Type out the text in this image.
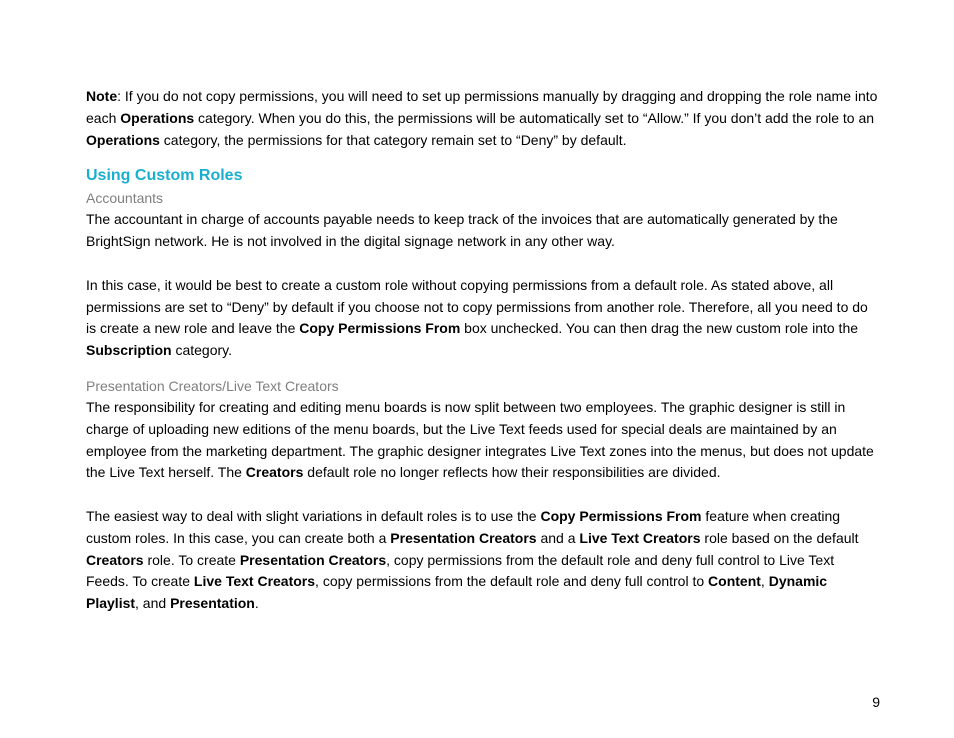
Note: If you do not copy permissions, you will need to set up permissions manually by dragging and dropping the role name into each Operations category. When you do this, the permissions will be automatically set to “Allow.” If you don’t add the role to an Operations category, the permissions for that category remain set to “Deny” by default.

Using Custom Roles
Accountants

The accountant in charge of accounts payable needs to keep track of the invoices that are automatically generated by the BrightSign network. He is not involved in the digital signage network in any other way.

In this case, it would be best to create a custom role without copying permissions from a default role. As stated above, all permissions are set to “Deny” by default if you choose not to copy permissions from another role. Therefore, all you need to do is create a new role and leave the Copy Permissions From box unchecked. You can then drag the new custom role into the Subscription category.

Presentation Creators/Live Text Creators

The responsibility for creating and editing menu boards is now split between two employees. The graphic designer is still in charge of uploading new editions of the menu boards, but the Live Text feeds used for special deals are maintained by an employee from the marketing department. The graphic designer integrates Live Text zones into the menus, but does not update the Live Text herself. The Creators default role no longer reflects how their responsibilities are divided.

The easiest way to deal with slight variations in default roles is to use the Copy Permissions From feature when creating custom roles. In this case, you can create both a Presentation Creators and a Live Text Creators role based on the default Creators role. To create Presentation Creators, copy permissions from the default role and deny full control to Live Text Feeds. To create Live Text Creators, copy permissions from the default role and deny full control to Content, Dynamic Playlist, and Presentation.

9
